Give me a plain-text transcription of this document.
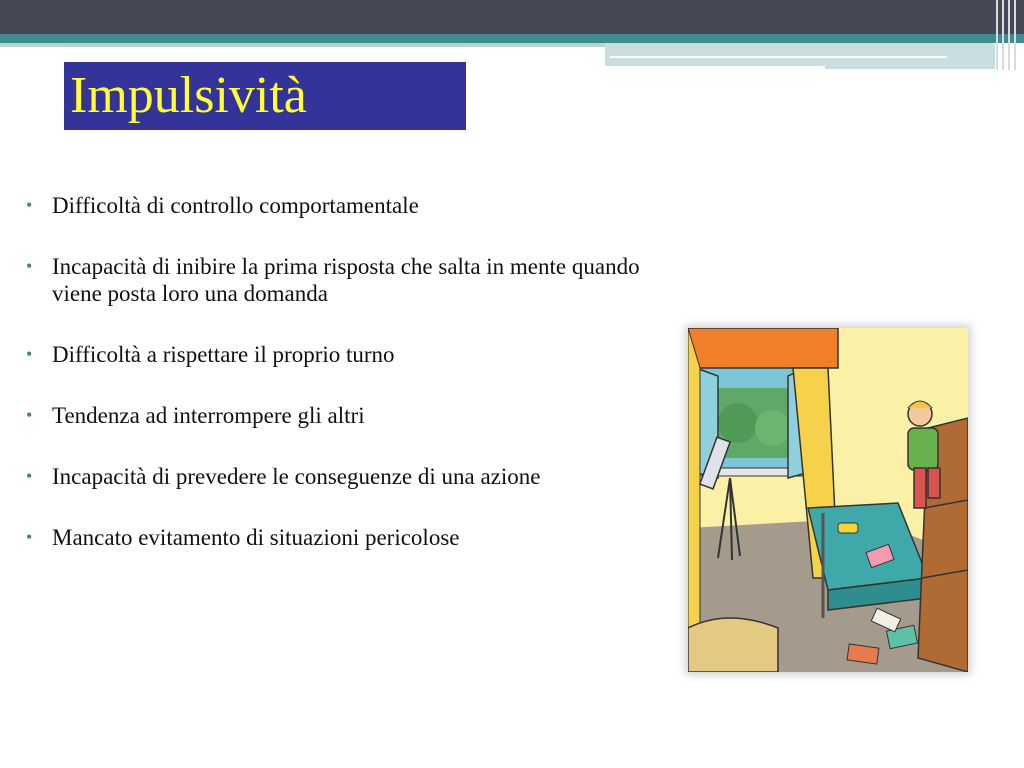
Impulsività
• Difficoltà di controllo comportamentale
• Incapacità di inibire la prima risposta che salta in mente quando viene posta loro una domanda
• Difficoltà a rispettare il proprio turno
• Tendenza ad interrompere gli altri
• Incapacità di prevedere le conseguenze di una azione
• Mancato evitamento di situazioni pericolose
